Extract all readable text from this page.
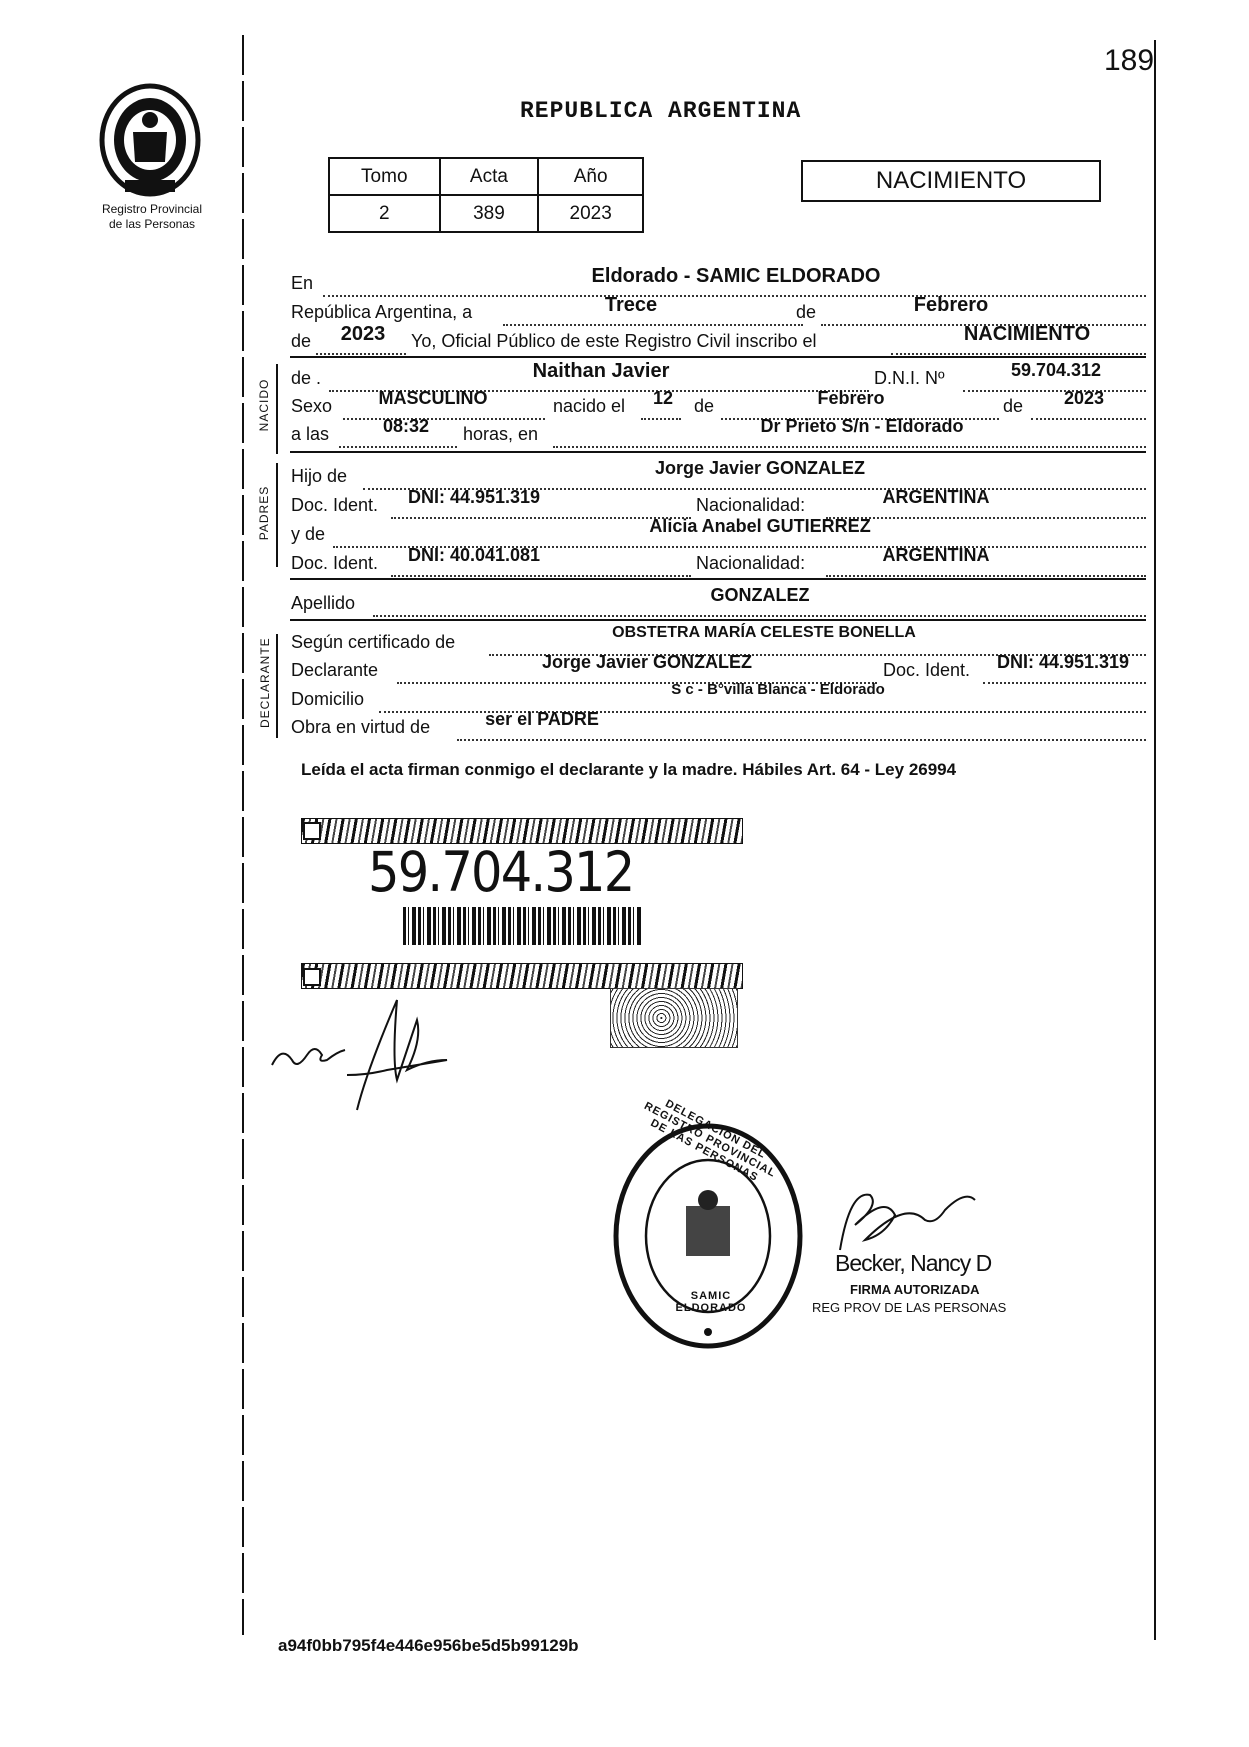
189
Registro Provincial
de las Personas
REPUBLICA ARGENTINA
Tomo	Acta	Año
2	389	2023
NACIMIENTO
NACIDO
PADRES
DECLARANTE
En	Eldorado - SAMIC ELDORADO
República Argentina, a	Trece	de	Febrero
de 2023 Yo, Oficial Público de este Registro Civil inscribo el	NACIMIENTO
de .	Naithan Javier	D.N.I. Nº	59.704.312
Sexo	MASCULINO	nacido el 12 de	Febrero	de 2023
a las	08:32 horas, en	Dr Prieto S/n - Eldorado
Hijo de	Jorge Javier GONZALEZ
Doc. Ident. DNI: 44.951.319	Nacionalidad:	ARGENTINA
y de	Alicia Anabel GUTIERREZ
Doc. Ident. DNI: 40.041.081	Nacionalidad:	ARGENTINA
Apellido	GONZALEZ
Según certificado de	OBSTETRA MARÍA CELESTE BONELLA
Declarante	Jorge Javier GONZALEZ	Doc. Ident. DNI: 44.951.319
Domicilio	S c - B°villa Blanca - Eldorado
Obra en virtud de	ser el PADRE
Leída el acta firman conmigo el declarante y la madre. Hábiles Art. 64 - Ley 26994
59.704.312
DELEGACION DEL REGISTRO PROVINCIAL DE LAS PERSONAS
SAMIC ELDORADO
Becker, Nancy D
FIRMA AUTORIZADA
REG PROV DE LAS PERSONAS
a94f0bb795f4e446e956be5d5b99129b
